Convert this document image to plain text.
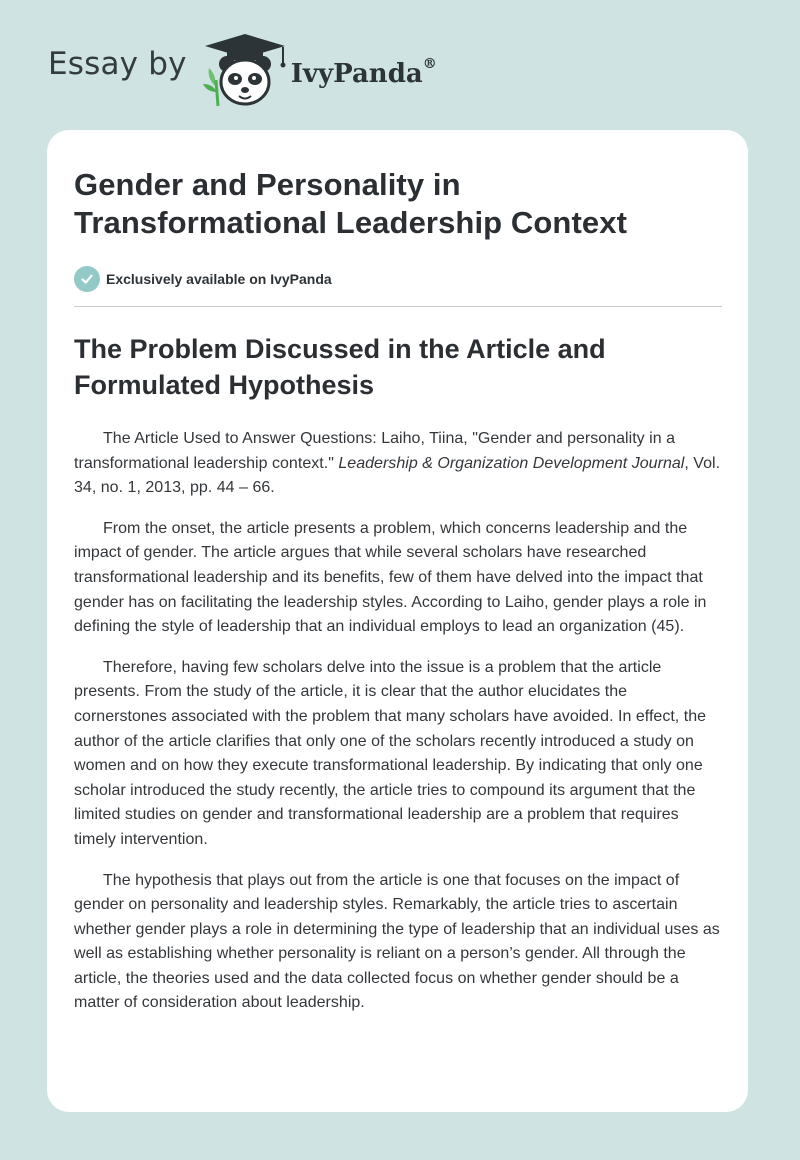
Essay by	IvyPanda®
Gender and Personality in Transformational Leadership Context
Exclusively available on IvyPanda
The Problem Discussed in the Article and Formulated Hypothesis

The Article Used to Answer Questions: Laiho, Tiina, "Gender and personality in a transformational leadership context." Leadership & Organization Development Journal, Vol. 34, no. 1, 2013, pp. 44 – 66.

From the onset, the article presents a problem, which concerns leadership and the impact of gender. The article argues that while several scholars have researched transformational leadership and its benefits, few of them have delved into the impact that gender has on facilitating the leadership styles. According to Laiho, gender plays a role in defining the style of leadership that an individual employs to lead an organization (45).

Therefore, having few scholars delve into the issue is a problem that the article presents. From the study of the article, it is clear that the author elucidates the cornerstones associated with the problem that many scholars have avoided. In effect, the author of the article clarifies that only one of the scholars recently introduced a study on women and on how they execute transformational leadership. By indicating that only one scholar introduced the study recently, the article tries to compound its argument that the limited studies on gender and transformational leadership are a problem that requires timely intervention.

The hypothesis that plays out from the article is one that focuses on the impact of gender on personality and leadership styles. Remarkably, the article tries to ascertain whether gender plays a role in determining the type of leadership that an individual uses as well as establishing whether personality is reliant on a person’s gender. All through the article, the theories used and the data collected focus on whether gender should be a matter of consideration about leadership.
